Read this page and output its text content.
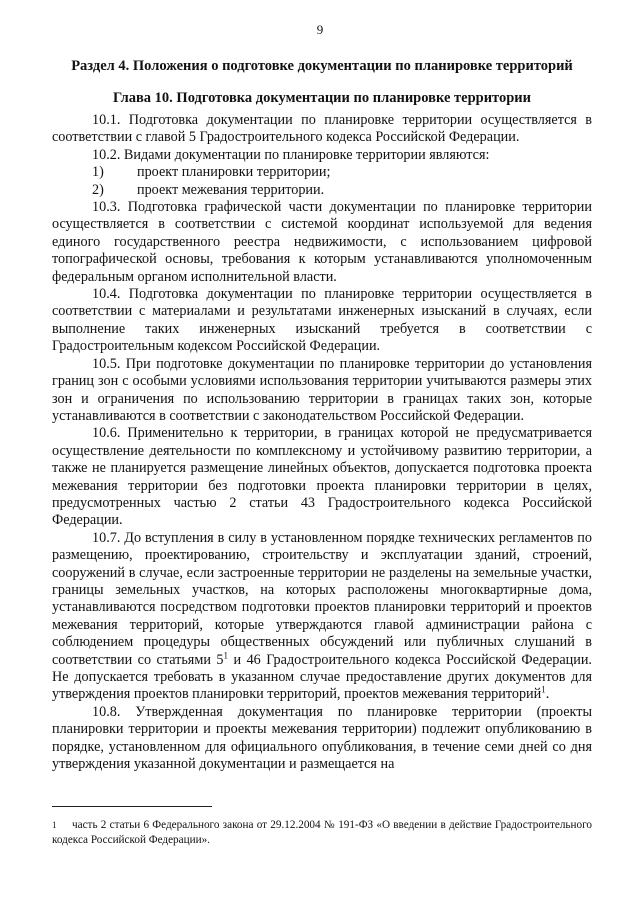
9
Раздел 4. Положения о подготовке документации по планировке территорий
Глава 10. Подготовка документации по планировке территории

10.1. Подготовка документации по планировке территории осуществляется в соответствии с главой 5 Градостроительного кодекса Российской Федерации.

10.2. Видами документации по планировке территории являются:

1) проект планировки территории;

2) проект межевания территории.

10.3. Подготовка графической части документации по планировке территории осуществляется в соответствии с системой координат используемой для ведения единого государственного реестра недвижимости, с использованием цифровой топографической основы, требования к которым устанавливаются уполномоченным федеральным органом исполнительной власти.

10.4. Подготовка документации по планировке территории осуществляется в соответствии с материалами и результатами инженерных изысканий в случаях, если выполнение таких инженерных изысканий требуется в соответствии с Градостроительным кодексом Российской Федерации.

10.5. При подготовке документации по планировке территории до установления границ зон с особыми условиями использования территории учитываются размеры этих зон и ограничения по использованию территории в границах таких зон, которые устанавливаются в соответствии с законодательством Российской Федерации.

10.6. Применительно к территории, в границах которой не предусматривается осуществление деятельности по комплексному и устойчивому развитию территории, а также не планируется размещение линейных объектов, допускается подготовка проекта межевания территории без подготовки проекта планировки территории в целях, предусмотренных частью 2 статьи 43 Градостроительного кодекса Российской Федерации.

10.7. До вступления в силу в установленном порядке технических регламентов по размещению, проектированию, строительству и эксплуатации зданий, строений, сооружений в случае, если застроенные территории не разделены на земельные участки, границы земельных участков, на которых расположены многоквартирные дома, устанавливаются посредством подготовки проектов планировки территорий и проектов межевания территорий, которые утверждаются главой администрации района с соблюдением процедуры общественных обсуждений или публичных слушаний в соответствии со статьями $5^1$ и 46 Градостроительного кодекса Российской Федерации. Не допускается требовать в указанном случае предоставление других документов для утверждения проектов планировки территорий, проектов межевания территорий$^1$.

10.8. Утвержденная документация по планировке территории (проекты планировки территории и проекты межевания территории) подлежит опубликованию в порядке, установленном для официального опубликования, в течение семи дней со дня утверждения указанной документации и размещается на

1 часть 2 статьи 6 Федерального закона от 29.12.2004 № 191-ФЗ «О введении в действие Градостроительного кодекса Российской Федерации».
